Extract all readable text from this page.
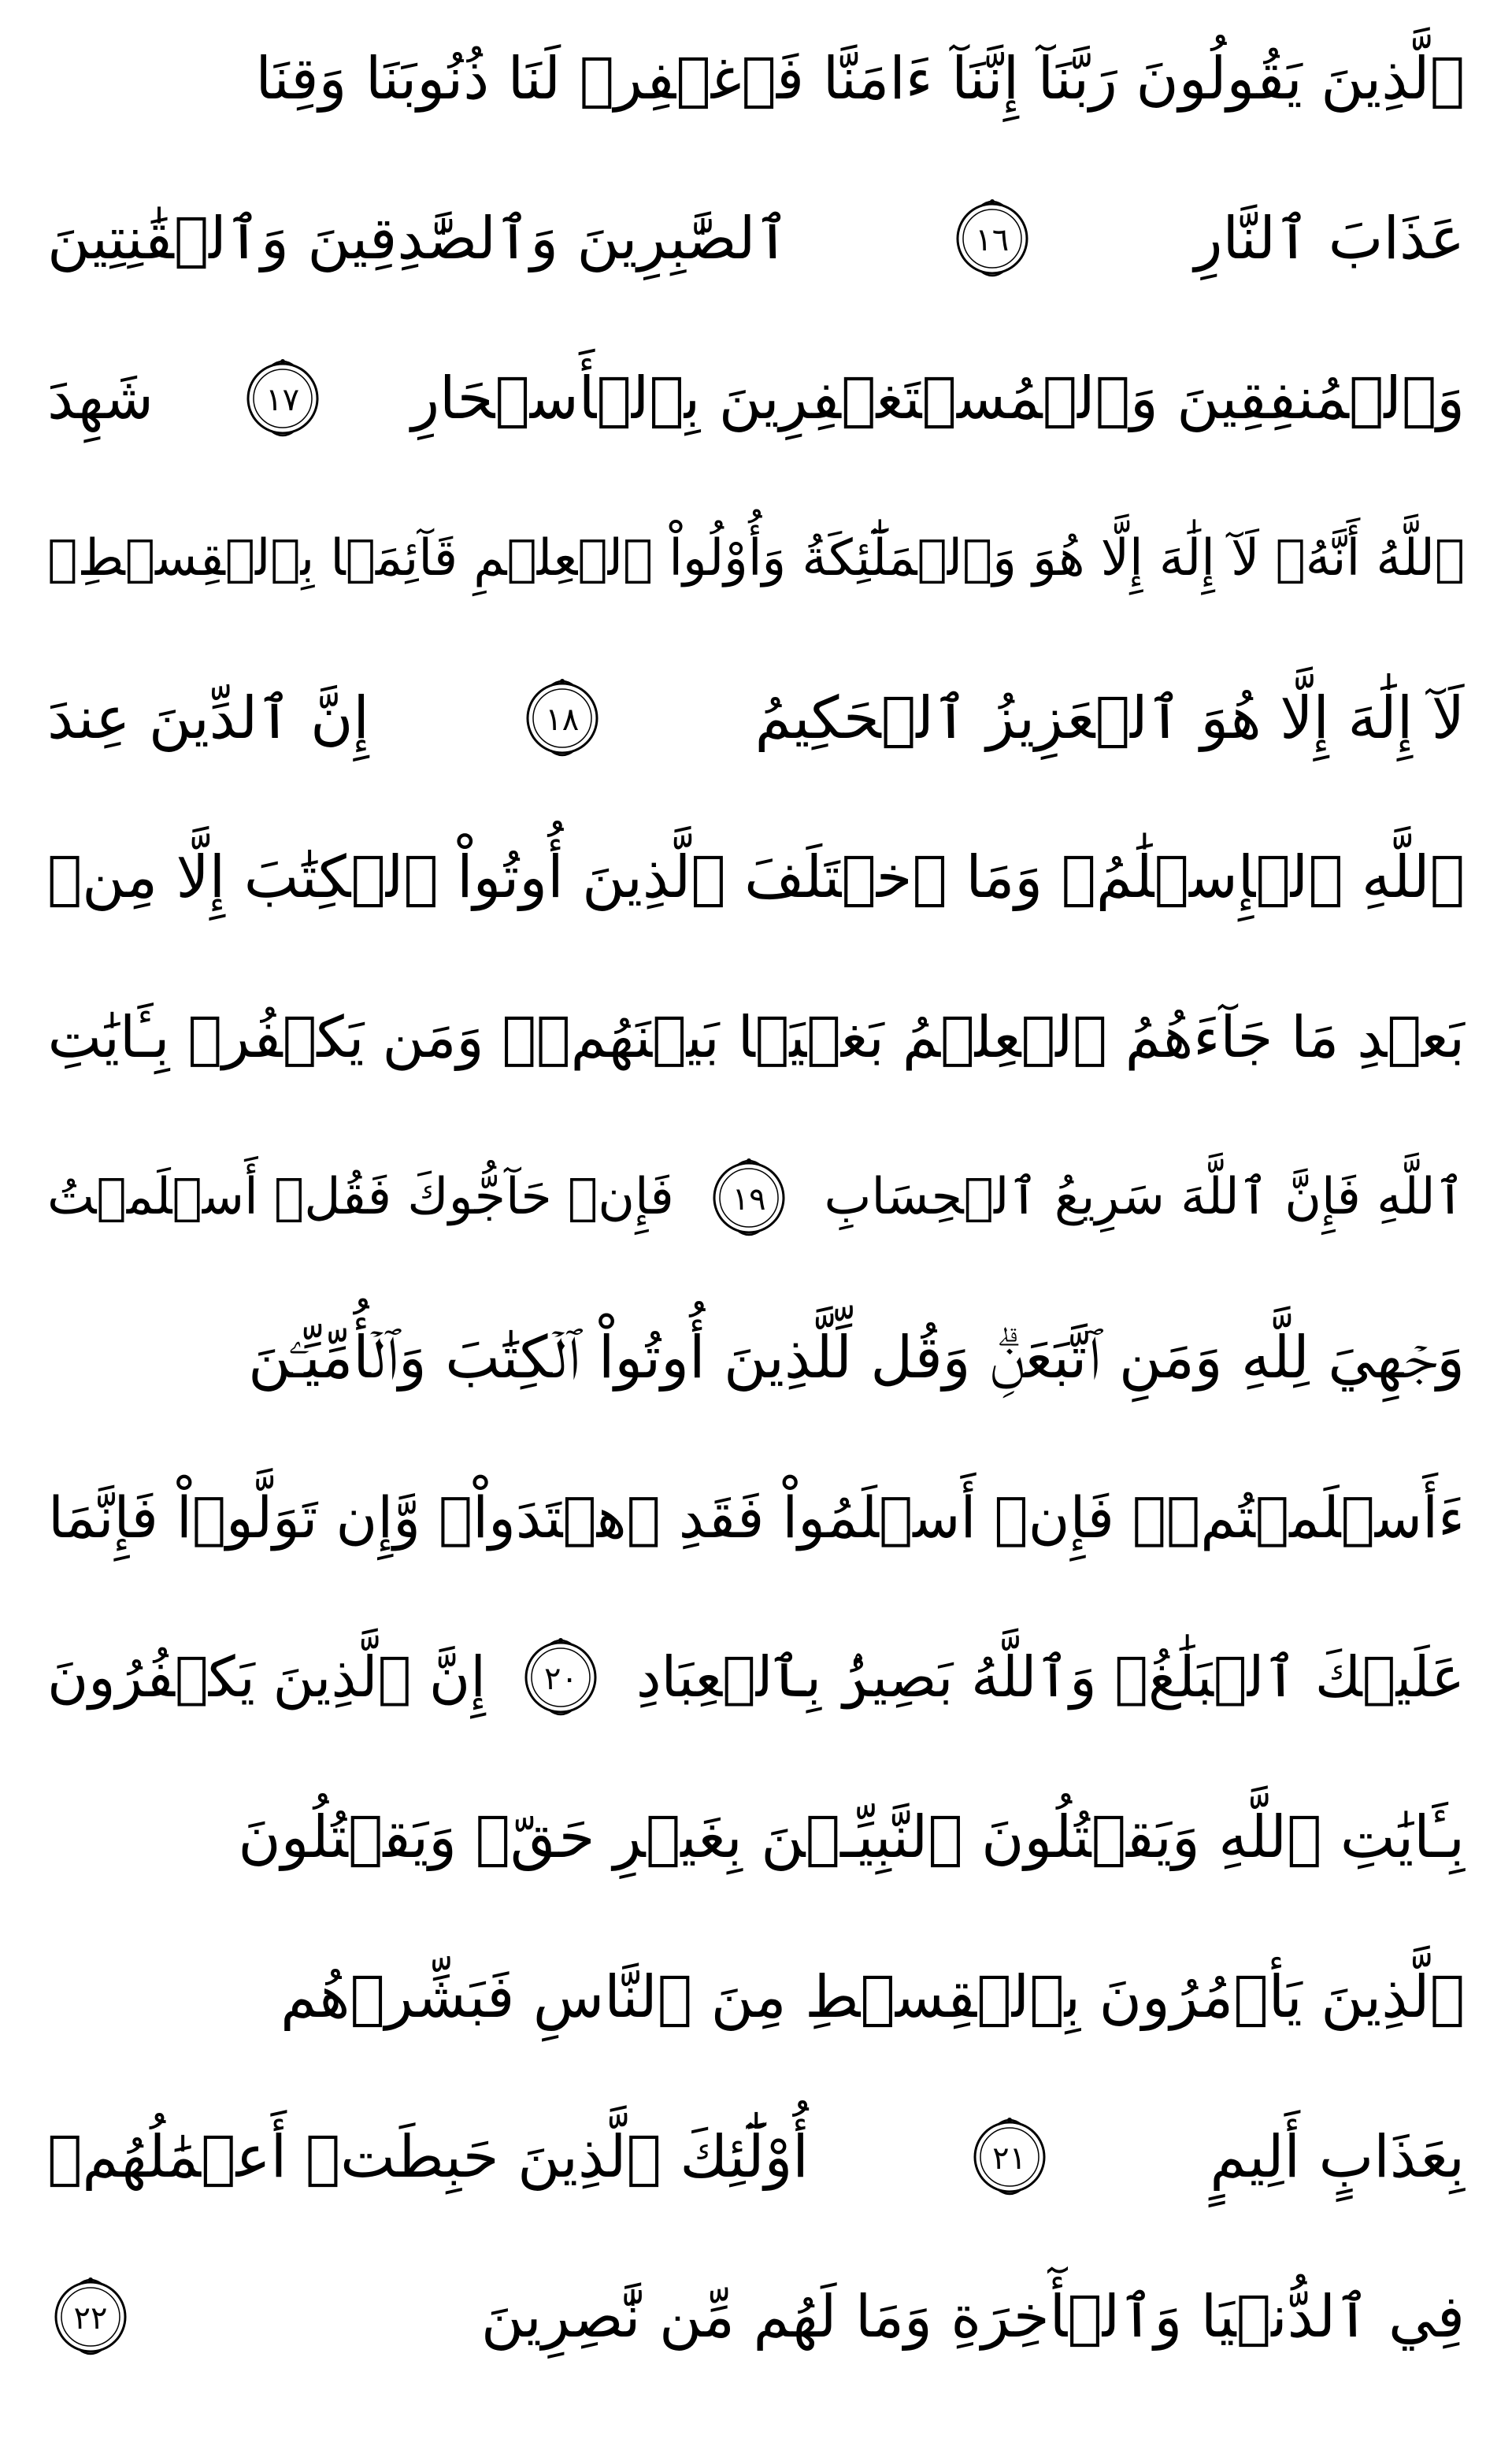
ٱلَّذِينَ يَقُولُونَ رَبَّنَآ إِنَّنَآ ءَامَنَّا فَٱغۡفِرۡ لَنَا ذُنُوبَنَا وَقِنَا
عَذَابَ ٱلنَّارِ
١٦
ٱلصَّٰبِرِينَ وَٱلصَّٰدِقِينَ وَٱلۡقَٰنِتِينَ
وَٱلۡمُنفِقِينَ وَٱلۡمُسۡتَغۡفِرِينَ بِٱلۡأَسۡحَارِ
١٧
شَهِدَ
ٱللَّهُ أَنَّهُۥ لَآ إِلَٰهَ إِلَّا هُوَ وَٱلۡمَلَٰٓئِكَةُ وَأُوْلُواْ ٱلۡعِلۡمِ قَآئِمَۢا بِٱلۡقِسۡطِۚ
لَآ إِلَٰهَ إِلَّا هُوَ ٱلۡعَزِيزُ ٱلۡحَكِيمُ
١٨
إِنَّ ٱلدِّينَ عِندَ
ٱللَّهِ ٱلۡإِسۡلَٰمُۗ وَمَا ٱخۡتَلَفَ ٱلَّذِينَ أُوتُواْ ٱلۡكِتَٰبَ إِلَّا مِنۢ
بَعۡدِ مَا جَآءَهُمُ ٱلۡعِلۡمُ بَغۡيَۢا بَيۡنَهُمۡۗ وَمَن يَكۡفُرۡ بِـَٔايَٰتِ
ٱللَّهِ فَإِنَّ ٱللَّهَ سَرِيعُ ٱلۡحِسَابِ
١٩
فَإِنۡ حَآجُّوكَ فَقُلۡ أَسۡلَمۡتُ
وَجۡهِيَ لِلَّهِ وَمَنِ ٱتَّبَعَنِۗ وَقُل لِّلَّذِينَ أُوتُواْ ٱلۡكِتَٰبَ وَٱلۡأُمِّيِّـۧنَ
ءَأَسۡلَمۡتُمۡۚ فَإِنۡ أَسۡلَمُواْ فَقَدِ ٱهۡتَدَواْۖ وَّإِن تَوَلَّوۡاْ فَإِنَّمَا
عَلَيۡكَ ٱلۡبَلَٰغُۗ وَٱللَّهُ بَصِيرُۢ بِٱلۡعِبَادِ
٢٠
إِنَّ ٱلَّذِينَ يَكۡفُرُونَ
بِـَٔايَٰتِ ٱللَّهِ وَيَقۡتُلُونَ ٱلنَّبِيِّـۧنَ بِغَيۡرِ حَقّٖ وَيَقۡتُلُونَ
ٱلَّذِينَ يَأۡمُرُونَ بِٱلۡقِسۡطِ مِنَ ٱلنَّاسِ فَبَشِّرۡهُم
بِعَذَابٍ أَلِيمٍ
٢١
أُوْلَٰٓئِكَ ٱلَّذِينَ حَبِطَتۡ أَعۡمَٰلُهُمۡ
فِي ٱلدُّنۡيَا وَٱلۡأٓخِرَةِ وَمَا لَهُم مِّن نَّٰصِرِينَ
٢٢
